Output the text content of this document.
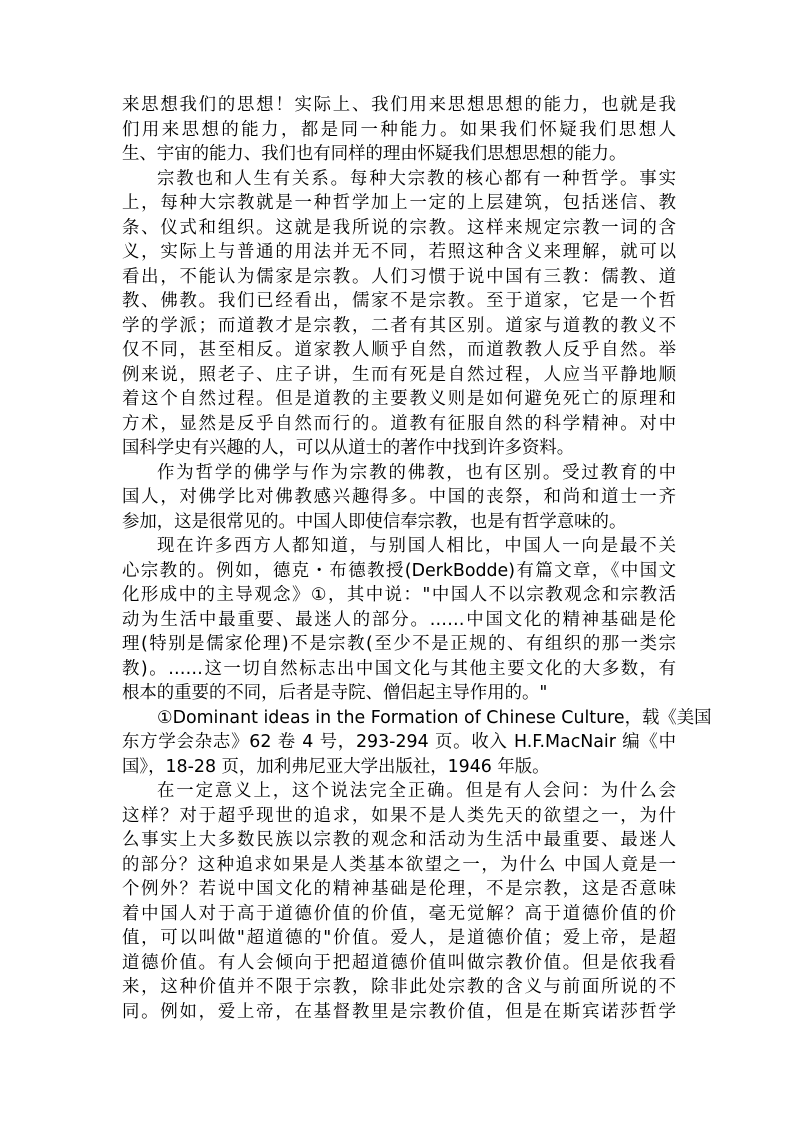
来思想我们的思想！实际上、我们用来思想思想的能力，也就是我
们用来思想的能力，都是同一种能力。如果我们怀疑我们思想人
生、宇宙的能力、我们也有同样的理由怀疑我们思想思想的能力。
宗教也和人生有关系。每种大宗教的核心都有一种哲学。事实
上，每种大宗教就是一种哲学加上一定的上层建筑，包括迷信、教
条、仪式和组织。这就是我所说的宗教。这样来规定宗教一词的含
义，实际上与普通的用法并无不同，若照这种含义来理解，就可以
看出，不能认为儒家是宗教。人们习惯于说中国有三教：儒教、道
教、佛教。我们已经看出，儒家不是宗教。至于道家，它是一个哲
学的学派；而道教才是宗教，二者有其区别。道家与道教的教义不
仅不同，甚至相反。道家教人顺乎自然，而道教教人反乎自然。举
例来说，照老子、庄子讲，生而有死是自然过程，人应当平静地顺
着这个自然过程。但是道教的主要教义则是如何避免死亡的原理和
方术，显然是反乎自然而行的。道教有征服自然的科学精神。对中
国科学史有兴趣的人，可以从道士的著作中找到许多资料。
作为哲学的佛学与作为宗教的佛教，也有区别。受过教育的中
国人，对佛学比对佛教感兴趣得多。中国的丧祭，和尚和道士一齐
参加，这是很常见的。中国人即使信奉宗教，也是有哲学意味的。
现在许多西方人都知道，与别国人相比，中国人一向是最不关
心宗教的。例如，德克・布德教授(DerkBodde)有篇文章，《中国文
化形成中的主导观念》①，其中说："中国人不以宗教观念和宗教活
动为生活中最重要、最迷人的部分。……中国文化的精神基础是伦
理(特别是儒家伦理)不是宗教(至少不是正规的、有组织的那一类宗
教)。……这一切自然标志出中国文化与其他主要文化的大多数，有
根本的重要的不同，后者是寺院、僧侣起主导作用的。"
①Dominant ideas in the Formation of Chinese Culture，载《美国
东方学会杂志》62 卷 4 号，293-294 页。收入 H.F.MacNair 编《中
国》，18-28 页，加利弗尼亚大学出版社，1946 年版。
在一定意义上，这个说法完全正确。但是有人会问：为什么会
这样？对于超乎现世的追求，如果不是人类先天的欲望之一，为什
么事实上大多数民族以宗教的观念和活动为生活中最重要、最迷人
的部分？这种追求如果是人类基本欲望之一，为什么 中国人竟是一
个例外？若说中国文化的精神基础是伦理，不是宗教，这是否意味
着中国人对于高于道德价值的价值，毫无觉解？高于道德价值的价
值，可以叫做"超道德的"价值。爱人，是道德价值；爱上帝，是超
道德价值。有人会倾向于把超道德价值叫做宗教价值。但是依我看
来，这种价值并不限于宗教，除非此处宗教的含义与前面所说的不
同。例如，爱上帝，在基督教里是宗教价值，但是在斯宾诺莎哲学
